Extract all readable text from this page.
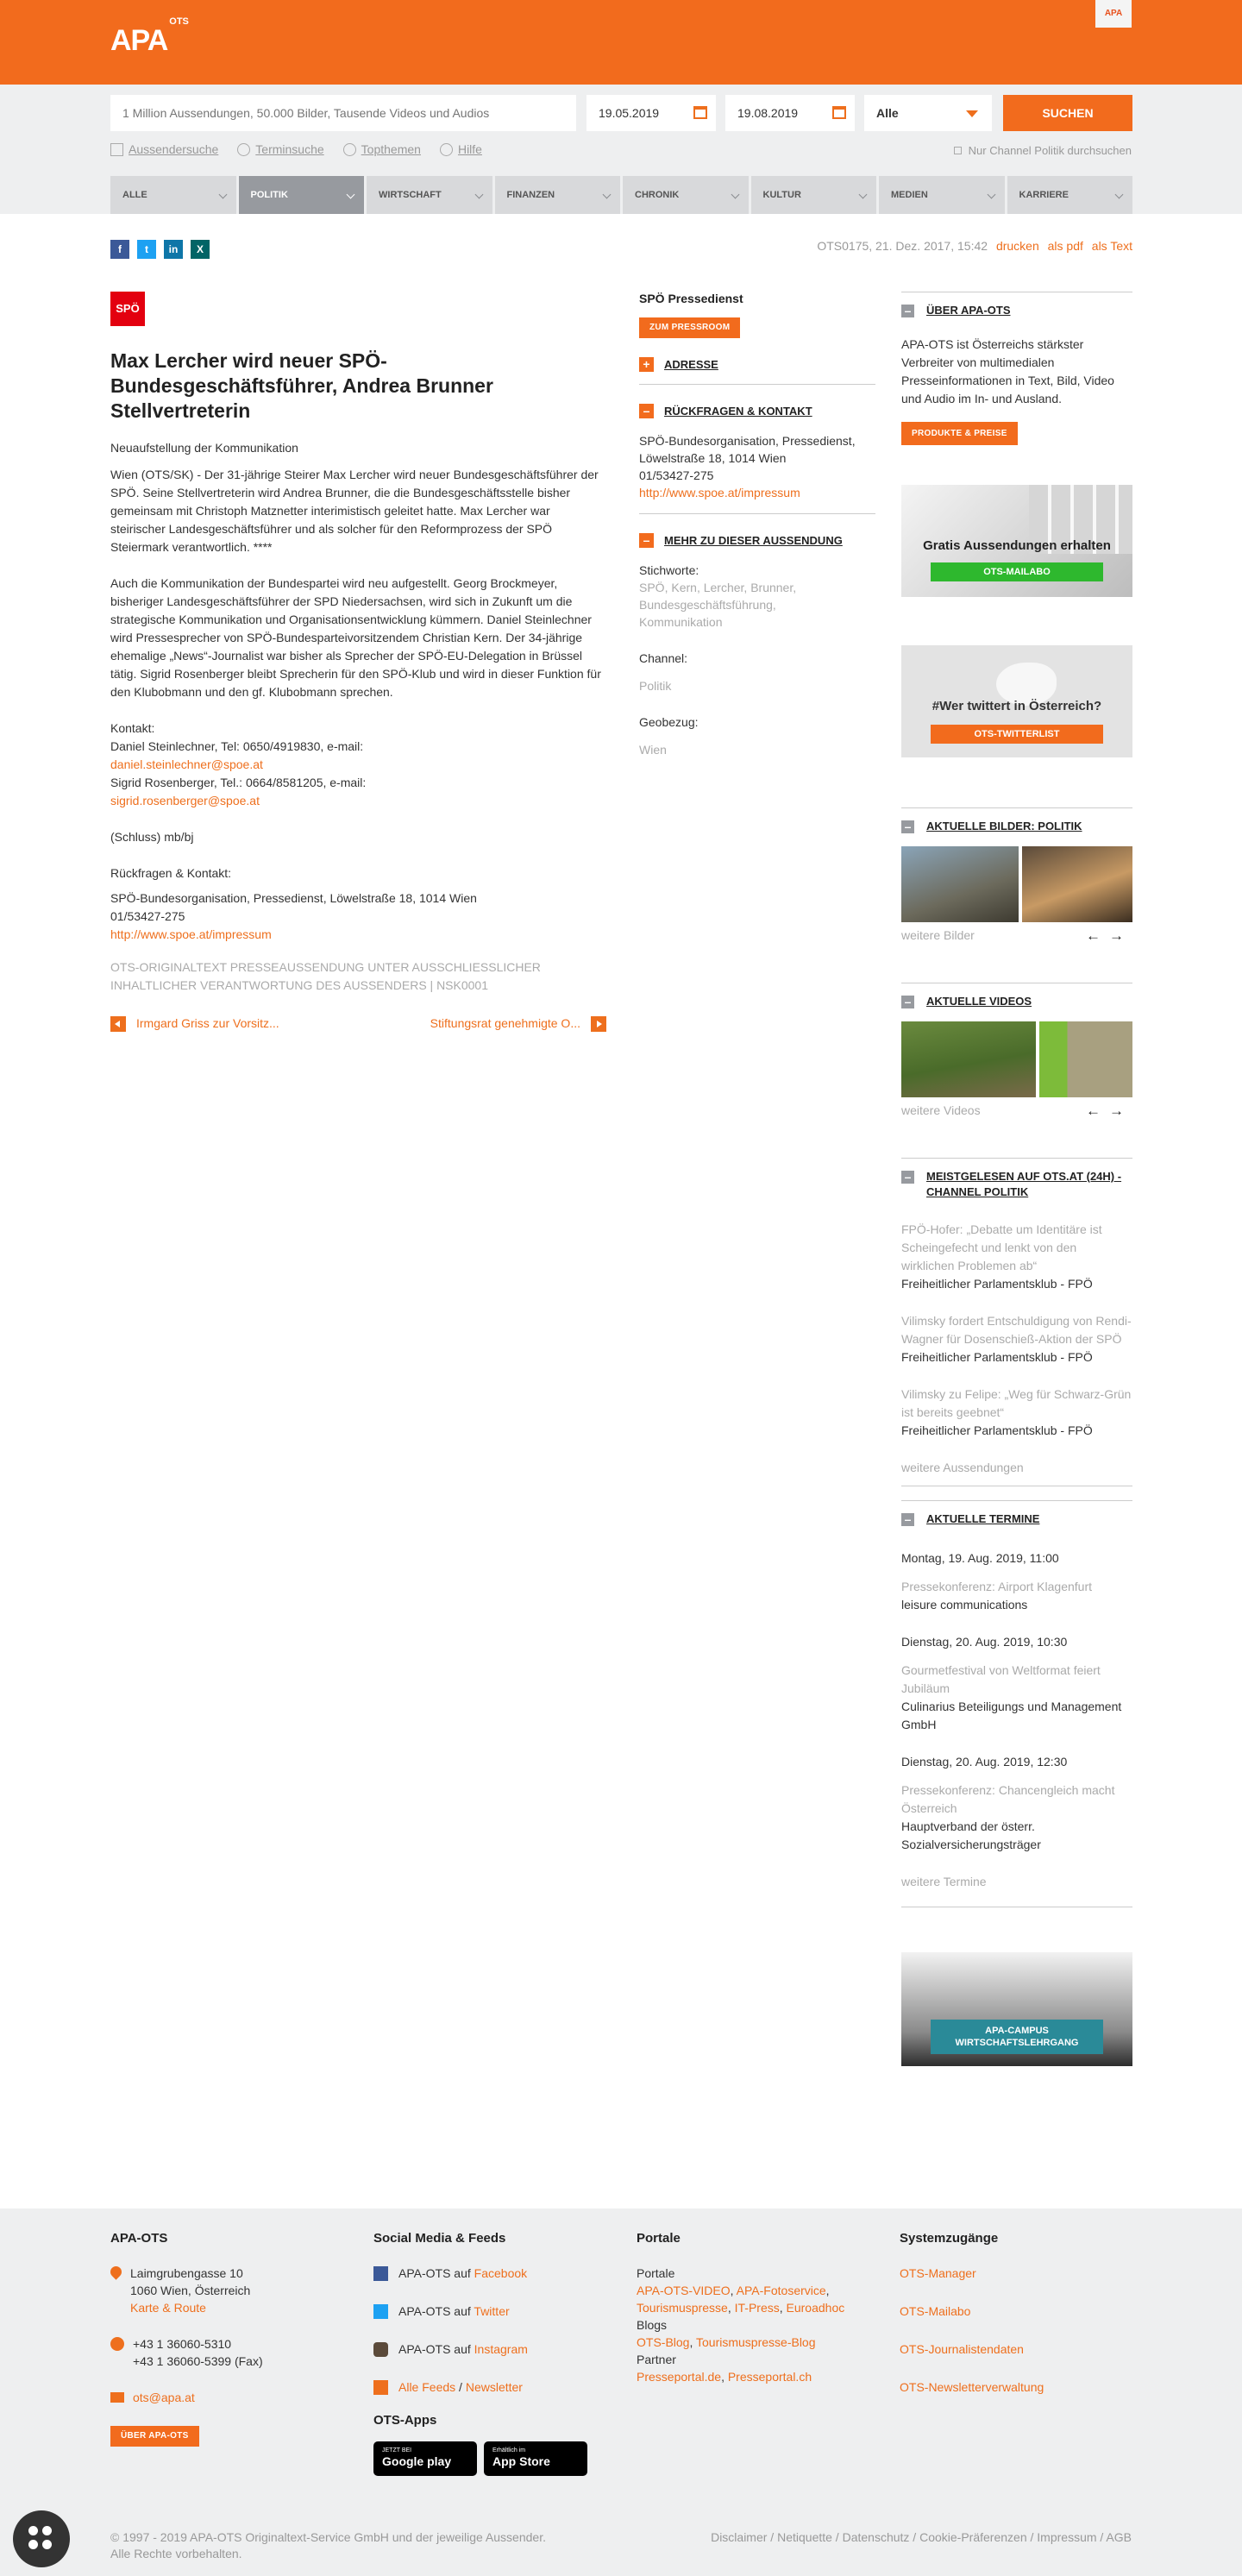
$APA^{OTS}$
APA
1 Million Aussendungen, 50.000 Bilder, Tausende Videos und Audios
19.05.2019	19.08.2019	Alle	SUCHEN
Aussendersuche	Terminsuche	Topthemen	Hilfe	Nur Channel Politik durchsuchen
ALLE	POLITIK	WIRTSCHAFT	FINANZEN	CHRONIK	KULTUR	MEDIEN	KARRIERE
f	t	in	X	OTS0175, 21. Dez. 2017, 15:42 drucken als pdf als Text
SPÖ
Max Lercher wird neuer SPÖ-Bundesgeschäftsführer, Andrea Brunner Stellvertreterin

Neuaufstellung der Kommunikation

Wien (OTS/SK) - Der 31-jährige Steirer Max Lercher wird neuer Bundesgeschäftsführer der SPÖ. Seine Stellvertreterin wird Andrea Brunner, die die Bundesgeschäftsstelle bisher gemeinsam mit Christoph Matznetter interimistisch geleitet hatte. Max Lercher war steirischer Landesgeschäftsführer und als solcher für den Reformprozess der SPÖ Steiermark verantwortlich. ****

Auch die Kommunikation der Bundespartei wird neu aufgestellt. Georg Brockmeyer, bisheriger Landesgeschäftsführer der SPD Niedersachsen, wird sich in Zukunft um die strategische Kommunikation und Organisationsentwicklung kümmern. Daniel Steinlechner wird Pressesprecher von SPÖ-Bundesparteivorsitzendem Christian Kern. Der 34-jährige ehemalige „News“-Journalist war bisher als Sprecher der SPÖ-EU-Delegation in Brüssel tätig. Sigrid Rosenberger bleibt Sprecherin für den SPÖ-Klub und wird in dieser Funktion für den Klubobmann und den gf. Klubobmann sprechen.

Kontakt:
Daniel Steinlechner, Tel: 0650/4919830, e-mail:
daniel.steinlechner@spoe.at
Sigrid Rosenberger, Tel.: 0664/8581205, e-mail:
sigrid.rosenberger@spoe.at

(Schluss) mb/bj

Rückfragen & Kontakt:

SPÖ-Bundesorganisation, Pressedienst, Löwelstraße 18, 1014 Wien
01/53427-275
http://www.spoe.at/impressum

OTS-ORIGINALTEXT PRESSEAUSSENDUNG UNTER AUSSCHLIESSLICHER INHALTLICHER VERANTWORTUNG DES AUSSENDERS | NSK0001

Irmgard Griss zur Vorsitz...	Stiftungsrat genehmigte O...
SPÖ Pressedienst
ZUM PRESSROOM
+	ADRESSE
–	RÜCKFRAGEN & KONTAKT
SPÖ-Bundesorganisation, Pressedienst, Löwelstraße 18, 1014 Wien
01/53427-275
http://www.spoe.at/impressum
–	MEHR ZU DIESER AUSSENDUNG
Stichworte:
SPÖ, Kern, Lercher, Brunner,
Bundesgeschäftsführung,
Kommunikation
Channel:
Politik
Geobezug:
Wien
– ÜBER APA-OTS

APA-OTS ist Österreichs stärkster Verbreiter von multimedialen Presseinformationen in Text, Bild, Video und Audio im In- und Ausland.

PRODUKTE & PREISE
Gratis Aussendungen erhalten
OTS-MAILABO
#Wer twittert in Österreich?
OTS-TWITTERLIST
– AKTUELLE BILDER: POLITIK
weitere Bilder	←→
– AKTUELLE VIDEOS
weitere Videos	←→
– MEISTGELESEN AUF OTS.AT (24H) - CHANNEL POLITIK
FPÖ-Hofer: „Debatte um Identitäre ist Scheingefecht und lenkt von den wirklichen Problemen ab“
Freiheitlicher Parlamentsklub - FPÖ
Vilimsky fordert Entschuldigung von Rendi-Wagner für Dosenschieß-Aktion der SPÖ
Freiheitlicher Parlamentsklub - FPÖ
Vilimsky zu Felipe: „Weg für Schwarz-Grün ist bereits geebnet“
Freiheitlicher Parlamentsklub - FPÖ
weitere Aussendungen
– AKTUELLE TERMINE
Montag, 19. Aug. 2019, 11:00
Pressekonferenz: Airport Klagenfurt
leisure communications
Dienstag, 20. Aug. 2019, 10:30
Gourmetfestival von Weltformat feiert Jubiläum
Culinarius Beteiligungs und Management GmbH
Dienstag, 20. Aug. 2019, 12:30
Pressekonferenz: Chancengleich macht Österreich
Hauptverband der österr. Sozialversicherungsträger
weitere Termine
APA-CAMPUS WIRTSCHAFTSLEHRGANG
APA-OTS
Laimgrubengasse 10
1060 Wien, Österreich
Karte & Route
+43 1 36060-5310
+43 1 36060-5399 (Fax)
ots@apa.at
ÜBER APA-OTS
Social Media & Feeds
APA-OTS auf Facebook
APA-OTS auf Twitter
APA-OTS auf Instagram
Alle Feeds / Newsletter
OTS-Apps
JETZT BEI
Google play
Erhältlich im
App Store
Portale
Portale
APA-OTS-VIDEO, APA-Fotoservice,
Tourismuspresse, IT-Press, Euroadhoc
Blogs
OTS-Blog, Tourismuspresse-Blog
Partner
Presseportal.de, Presseportal.ch
Systemzugänge
OTS-Manager
OTS-Mailabo
OTS-Journalistendaten
OTS-Newsletterverwaltung
© 1997 - 2019 APA-OTS Originaltext-Service GmbH und der jeweilige Aussender.
Alle Rechte vorbehalten.
Disclaimer / Netiquette / Datenschutz / Cookie-Präferenzen / Impressum / AGB
